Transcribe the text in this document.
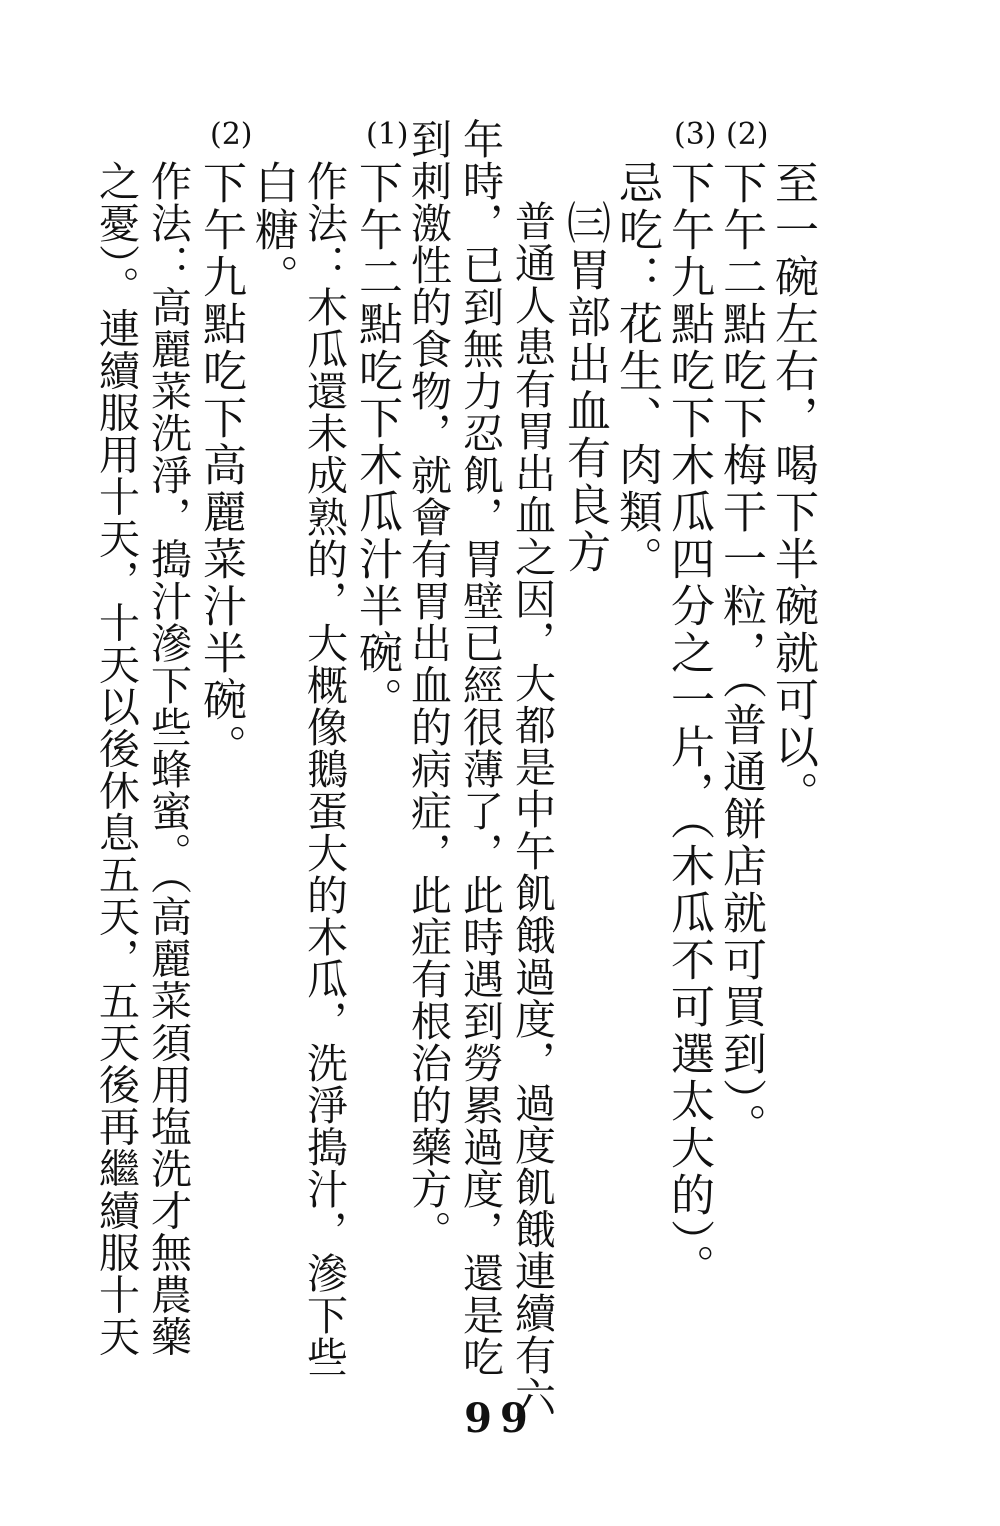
(3) (2)
(1)
(2)
至一碗左右，喝下半碗就可以。
下午二點吃下梅干一粒，（普通餅店就可買到）。
下午九點吃下木瓜四分之一片，（木瓜不可選太大的）。
忌吃：花生、肉類。
㈢胃部出血有良方
普通人患有胃出血之因，大都是中午飢餓過度，過度飢餓連續有六
年時，已到無力忍飢，胃壁已經很薄了，此時遇到勞累過度，還是吃
到刺激性的食物，就會有胃出血的病症，此症有根治的藥方。
下午二點吃下木瓜汁半碗。
作法：木瓜還未成熟的，大概像鵝蛋大的木瓜，洗淨搗汁，滲下些
白糖。
下午九點吃下高麗菜汁半碗。
作法：高麗菜洗淨，搗汁滲下些蜂蜜。（高麗菜須用塩洗才無農藥
之憂）。連續服用十天，十天以後休息五天，五天後再繼續服十天
99
